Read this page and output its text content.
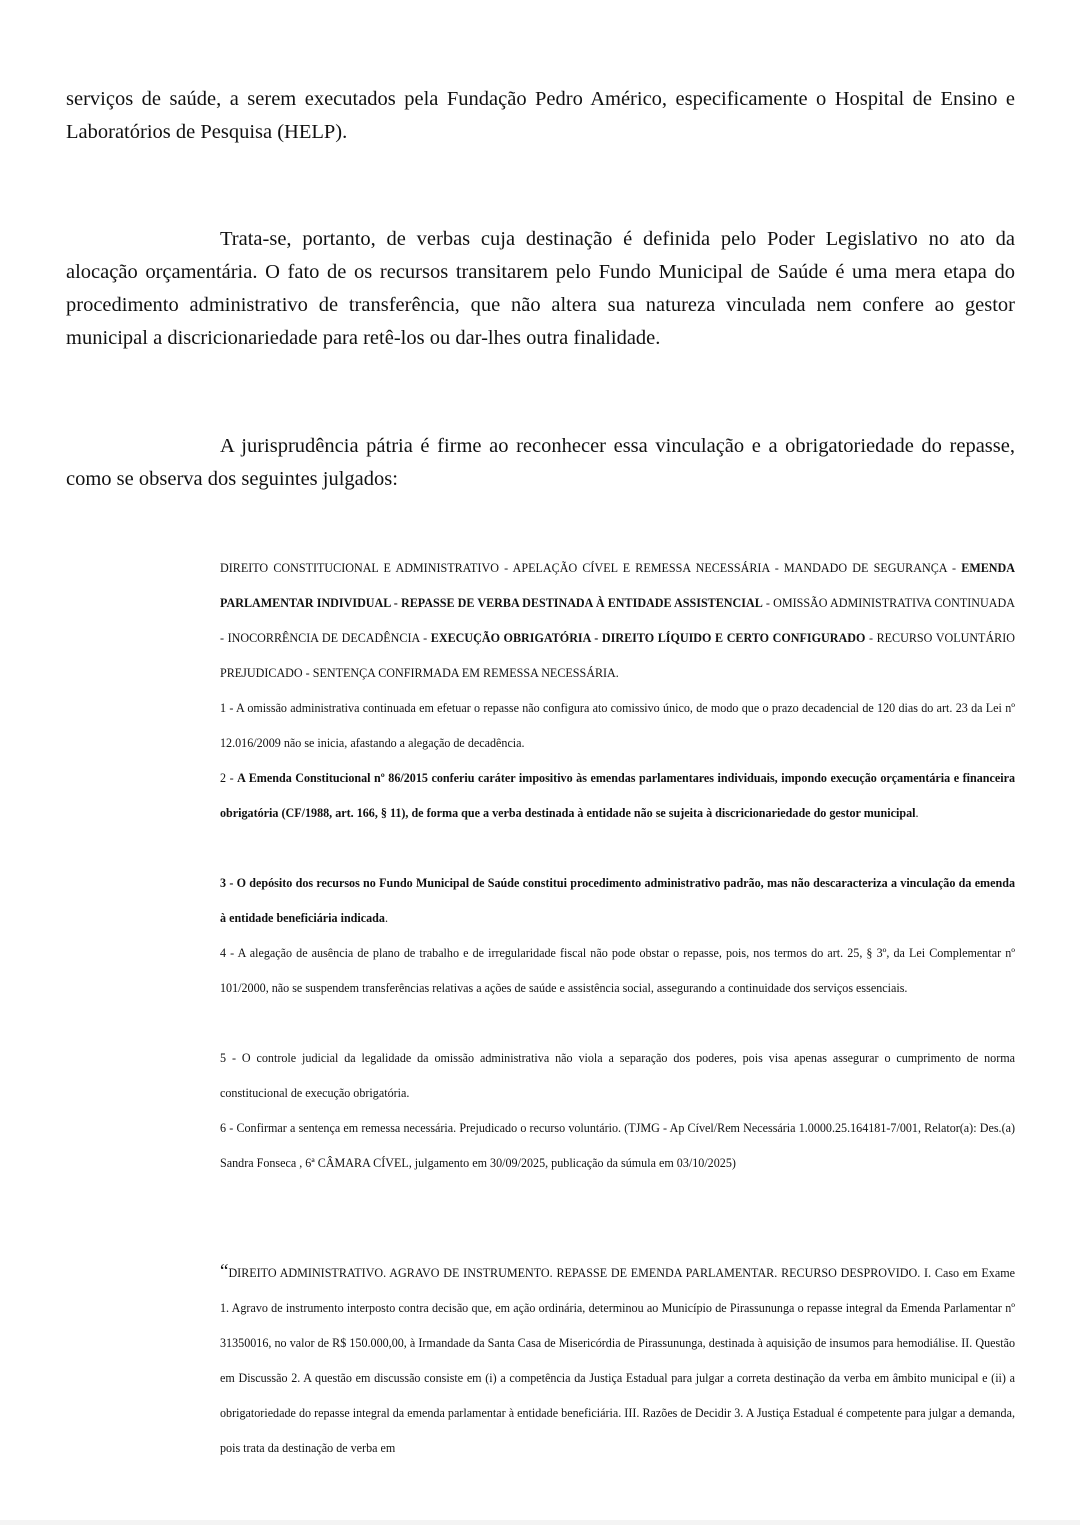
serviços de saúde, a serem executados pela Fundação Pedro Américo, especificamente o Hospital de Ensino e Laboratórios de Pesquisa (HELP).

Trata-se, portanto, de verbas cuja destinação é definida pelo Poder Legislativo no ato da alocação orçamentária. O fato de os recursos transitarem pelo Fundo Municipal de Saúde é uma mera etapa do procedimento administrativo de transferência, que não altera sua natureza vinculada nem confere ao gestor municipal a discricionariedade para retê-los ou dar-lhes outra finalidade.

A jurisprudência pátria é firme ao reconhecer essa vinculação e a obrigatoriedade do repasse, como se observa dos seguintes julgados:

DIREITO CONSTITUCIONAL E ADMINISTRATIVO - APELAÇÃO CÍVEL E REMESSA NECESSÁRIA - MANDADO DE SEGURANÇA - EMENDA PARLAMENTAR INDIVIDUAL - REPASSE DE VERBA DESTINADA À ENTIDADE ASSISTENCIAL - OMISSÃO ADMINISTRATIVA CONTINUADA - INOCORRÊNCIA DE DECADÊNCIA - EXECUÇÃO OBRIGATÓRIA - DIREITO LÍQUIDO E CERTO CONFIGURADO - RECURSO VOLUNTÁRIO PREJUDICADO - SENTENÇA CONFIRMADA EM REMESSA NECESSÁRIA.

1 - A omissão administrativa continuada em efetuar o repasse não configura ato comissivo único, de modo que o prazo decadencial de 120 dias do art. 23 da Lei nº 12.016/2009 não se inicia, afastando a alegação de decadência.

2 - A Emenda Constitucional nº 86/2015 conferiu caráter impositivo às emendas parlamentares individuais, impondo execução orçamentária e financeira obrigatória (CF/1988, art. 166, § 11), de forma que a verba destinada à entidade não se sujeita à discricionariedade do gestor municipal.

3 - O depósito dos recursos no Fundo Municipal de Saúde constitui procedimento administrativo padrão, mas não descaracteriza a vinculação da emenda à entidade beneficiária indicada.

4 - A alegação de ausência de plano de trabalho e de irregularidade fiscal não pode obstar o repasse, pois, nos termos do art. 25, § 3º, da Lei Complementar nº 101/2000, não se suspendem transferências relativas a ações de saúde e assistência social, assegurando a continuidade dos serviços essenciais.

5 - O controle judicial da legalidade da omissão administrativa não viola a separação dos poderes, pois visa apenas assegurar o cumprimento de norma constitucional de execução obrigatória.

6 - Confirmar a sentença em remessa necessária. Prejudicado o recurso voluntário. (TJMG - Ap Cível/Rem Necessária 1.0000.25.164181-7/001, Relator(a): Des.(a) Sandra Fonseca , 6ª CÂMARA CÍVEL, julgamento em 30/09/2025, publicação da súmula em 03/10/2025)

“DIREITO ADMINISTRATIVO. AGRAVO DE INSTRUMENTO. REPASSE DE EMENDA PARLAMENTAR. RECURSO DESPROVIDO. I. Caso em Exame 1. Agravo de instrumento interposto contra decisão que, em ação ordinária, determinou ao Município de Pirassununga o repasse integral da Emenda Parlamentar nº 31350016, no valor de R$ 150.000,00, à Irmandade da Santa Casa de Misericórdia de Pirassununga, destinada à aquisição de insumos para hemodiálise. II. Questão em Discussão 2. A questão em discussão consiste em (i) a competência da Justiça Estadual para julgar a correta destinação da verba em âmbito municipal e (ii) a obrigatoriedade do repasse integral da emenda parlamentar à entidade beneficiária. III. Razões de Decidir 3. A Justiça Estadual é competente para julgar a demanda, pois trata da destinação de verba em
